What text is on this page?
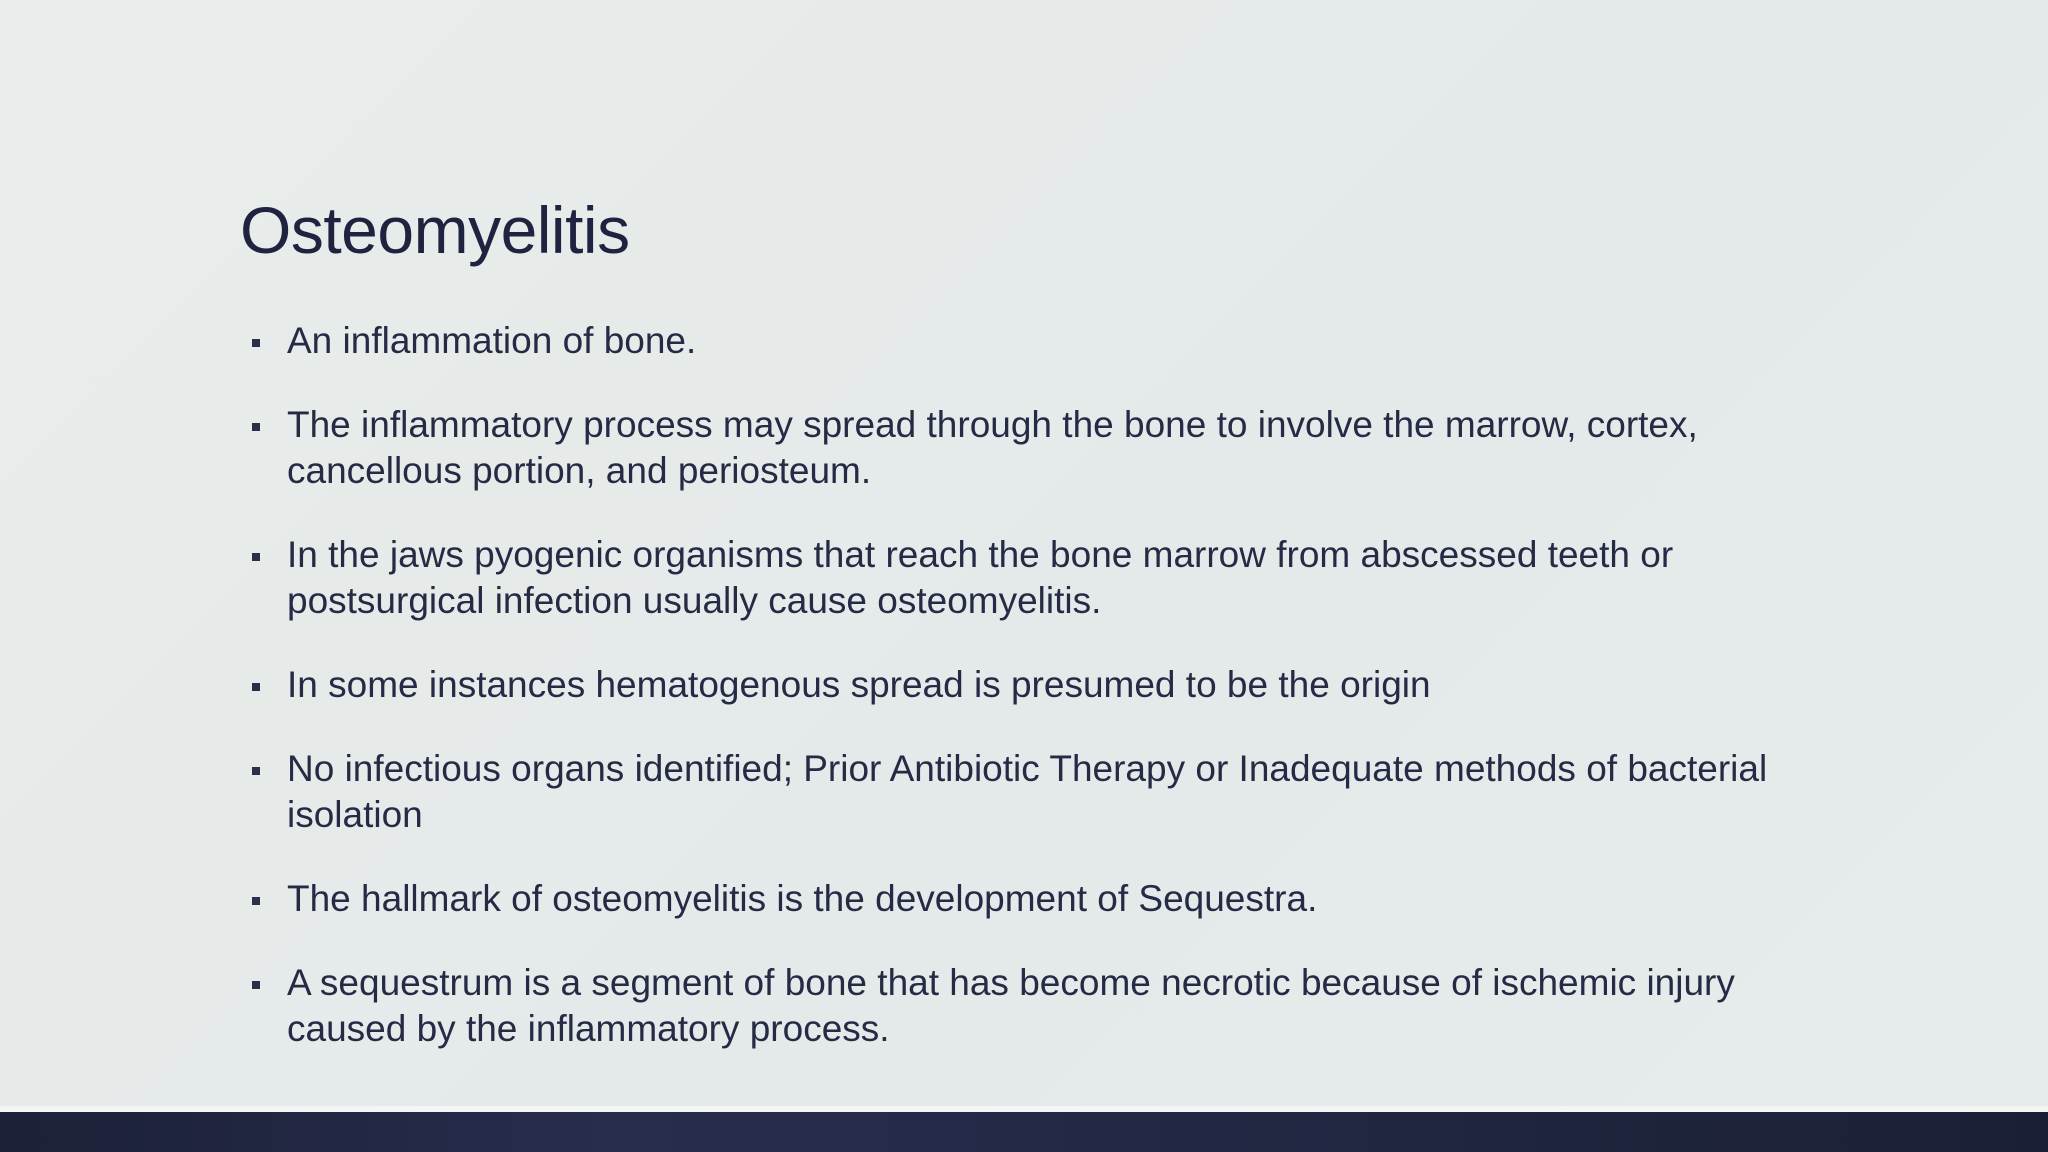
Osteomyelitis
An inflammation of bone.
The inflammatory process may spread through the bone to involve the marrow, cortex, cancellous portion, and periosteum.
In the jaws pyogenic organisms that reach the bone marrow from abscessed teeth or postsurgical infection usually cause osteomyelitis.
In some instances hematogenous spread is presumed to be the origin
No infectious organs identified; Prior Antibiotic Therapy or Inadequate methods of bacterial isolation
The hallmark of osteomyelitis is the development of Sequestra.
A sequestrum is a segment of bone that has become necrotic because of ischemic injury caused by the inflammatory process.
